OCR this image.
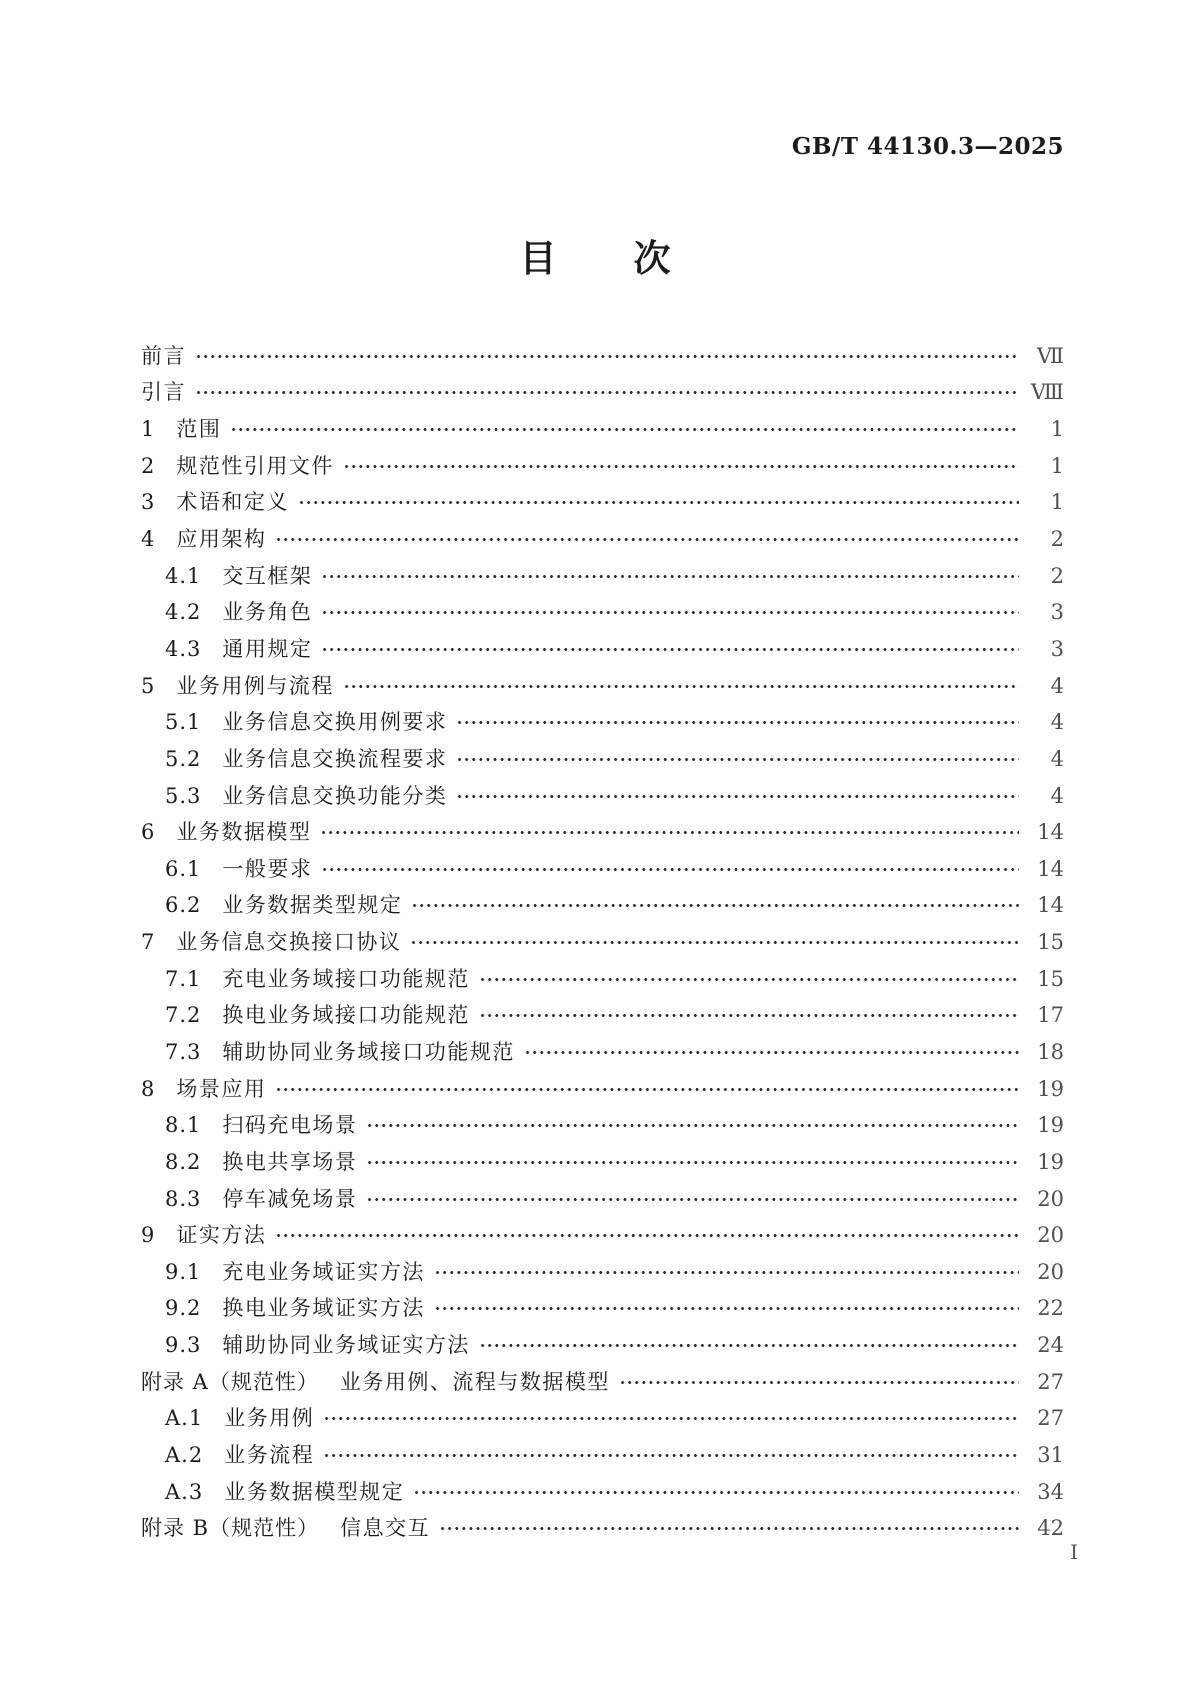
GB/T 44130.3—2025
目　　次
前言	Ⅶ
引言	Ⅷ
1 范围	1
2 规范性引用文件	1
3 术语和定义	1
4 应用架构	2
4.1 交互框架	2
4.2 业务角色	3
4.3 通用规定	3
5 业务用例与流程	4
5.1 业务信息交换用例要求	4
5.2 业务信息交换流程要求	4
5.3 业务信息交换功能分类	4
6 业务数据模型	14
6.1 一般要求	14
6.2 业务数据类型规定	14
7 业务信息交换接口协议	15
7.1 充电业务域接口功能规范	15
7.2 换电业务域接口功能规范	17
7.3 辅助协同业务域接口功能规范	18
8 场景应用	19
8.1 扫码充电场景	19
8.2 换电共享场景	19
8.3 停车减免场景	20
9 证实方法	20
9.1 充电业务域证实方法	20
9.2 换电业务域证实方法	22
9.3 辅助协同业务域证实方法	24
附录 A（规范性） 业务用例、流程与数据模型	27
A.1 业务用例	27
A.2 业务流程	31
A.3 业务数据模型规定	34
附录 B（规范性） 信息交互	42
Ⅰ
